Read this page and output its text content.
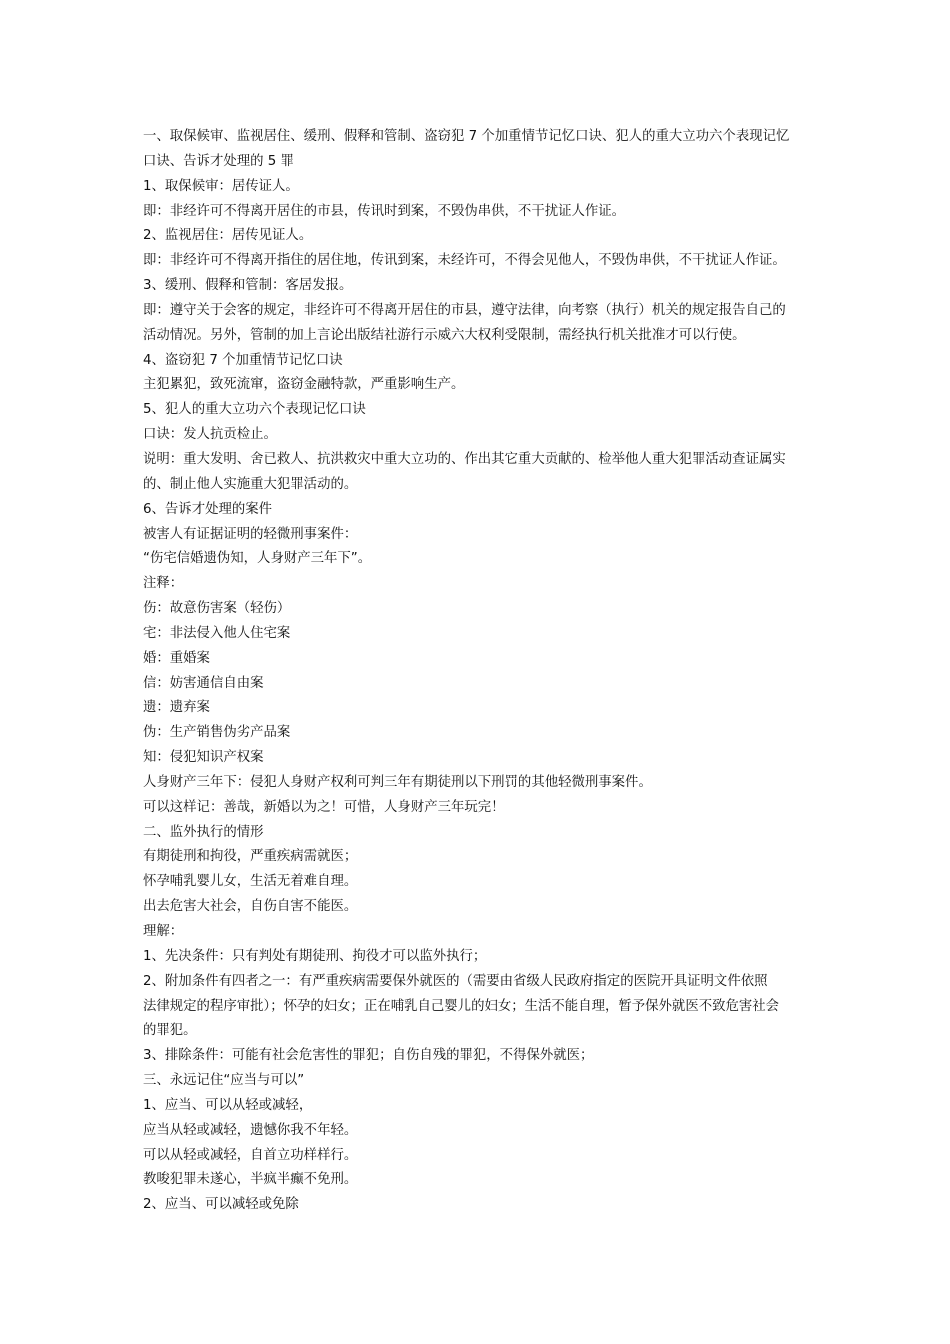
一、取保候审、监视居住、缓刑、假释和管制、盗窃犯 7 个加重情节记忆口诀、犯人的重大立功六个表现记忆
口诀、告诉才处理的 5 罪
1、取保候审：居传证人。
即：非经许可不得离开居住的市县，传讯时到案，不毁伪串供，不干扰证人作证。
2、监视居住：居传见证人。
即：非经许可不得离开指住的居住地，传讯到案，未经许可，不得会见他人，不毁伪串供，不干扰证人作证。
3、缓刑、假释和管制：客居发报。
即：遵守关于会客的规定，非经许可不得离开居住的市县，遵守法律，向考察（执行）机关的规定报告自己的
活动情况。另外，管制的加上言论出版结社游行示威六大权利受限制，需经执行机关批准才可以行使。
4、盗窃犯 7 个加重情节记忆口诀
主犯累犯，致死流窜，盗窃金融特款，严重影响生产。
5、犯人的重大立功六个表现记忆口诀
口诀：发人抗贡检止。
说明：重大发明、舍已救人、抗洪救灾中重大立功的、作出其它重大贡献的、检举他人重大犯罪活动查证属实
的、制止他人实施重大犯罪活动的。
6、告诉才处理的案件
被害人有证据证明的轻微刑事案件：
“伤宅信婚遗伪知，人身财产三年下”。
注释：
伤：故意伤害案（轻伤）
宅：非法侵入他人住宅案
婚：重婚案
信：妨害通信自由案
遗：遗弃案
伪：生产销售伪劣产品案
知：侵犯知识产权案
人身财产三年下：侵犯人身财产权利可判三年有期徒刑以下刑罚的其他轻微刑事案件。
可以这样记：善哉，新婚以为之！可惜，人身财产三年玩完！
二、监外执行的情形
有期徒刑和拘役，严重疾病需就医；
怀孕哺乳婴儿女，生活无着难自理。
出去危害大社会，自伤自害不能医。
理解：
1、先决条件：只有判处有期徒刑、拘役才可以监外执行；
2、附加条件有四者之一：有严重疾病需要保外就医的（需要由省级人民政府指定的医院开具证明文件依照
法律规定的程序审批）；怀孕的妇女；正在哺乳自己婴儿的妇女；生活不能自理，暂予保外就医不致危害社会
的罪犯。
3、排除条件：可能有社会危害性的罪犯；自伤自残的罪犯，不得保外就医；
三、永远记住“应当与可以”
1、应当、可以从轻或减轻，
应当从轻或减轻，遗憾你我不年轻。
可以从轻或减轻，自首立功样样行。
教唆犯罪未遂心，半疯半癫不免刑。
2、应当、可以减轻或免除
